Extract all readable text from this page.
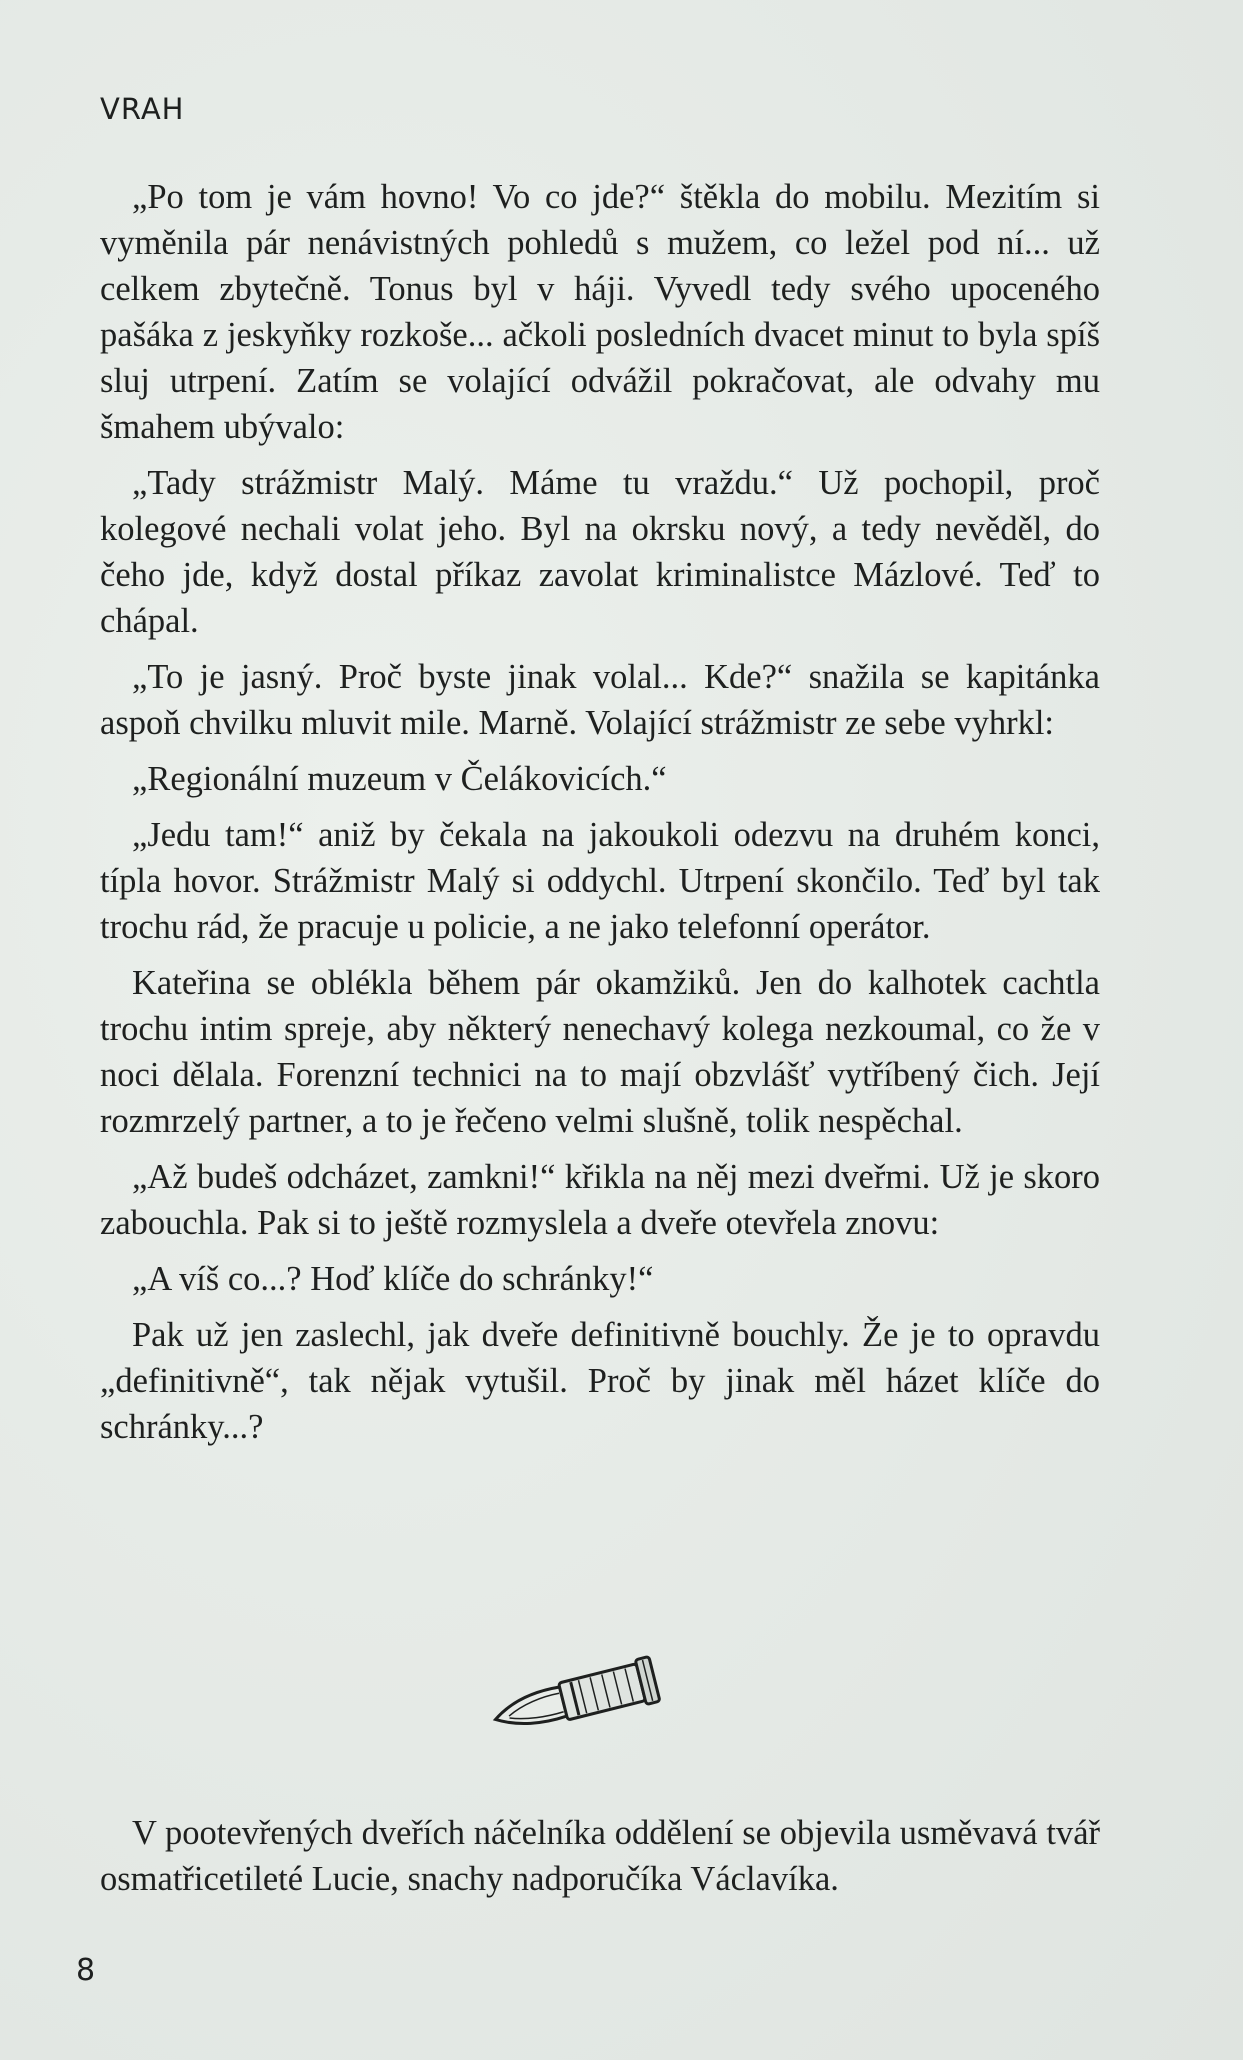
VRAH

„Po tom je vám hovno! Vo co jde?“ štěkla do mobilu. Mezitím si vyměnila pár nenávistných pohledů s mužem, co ležel pod ní... už celkem zbytečně. Tonus byl v háji. Vyvedl tedy svého upoceného pašáka z jeskyňky rozkoše... ačkoli posledních dvacet minut to byla spíš sluj utrpení. Zatím se volající odvážil pokračovat, ale odvahy mu šmahem ubývalo:

„Tady strážmistr Malý. Máme tu vraždu.“ Už pochopil, proč kolegové nechali volat jeho. Byl na okrsku nový, a tedy nevěděl, do čeho jde, když dostal příkaz zavolat kriminalistce Mázlové. Teď to chápal.

„To je jasný. Proč byste jinak volal... Kde?“ snažila se kapitánka aspoň chvilku mluvit mile. Marně. Volající strážmistr ze sebe vyhrkl:

„Regionální muzeum v Čelákovicích.“

„Jedu tam!“ aniž by čekala na jakoukoli odezvu na druhém konci, típla hovor. Strážmistr Malý si oddychl. Utrpení skončilo. Teď byl tak trochu rád, že pracuje u policie, a ne jako telefonní operátor.

Kateřina se oblékla během pár okamžiků. Jen do kalhotek cachtla trochu intim spreje, aby některý nenechavý kolega nezkoumal, co že v noci dělala. Forenzní technici na to mají obzvlášť vytříbený čich. Její rozmrzelý partner, a to je řečeno velmi slušně, tolik nespěchal.

„Až budeš odcházet, zamkni!“ křikla na něj mezi dveřmi. Už je skoro zabouchla. Pak si to ještě rozmyslela a dveře otevřela znovu:

„A víš co...? Hoď klíče do schránky!“

Pak už jen zaslechl, jak dveře definitivně bouchly. Že je to opravdu „definitivně“, tak nějak vytušil. Proč by jinak měl házet klíče do schránky...?

V pootevřených dveřích náčelníka oddělení se objevila usměvavá tvář osmatřicetileté Lucie, snachy nadporučíka Václavíka.

8
